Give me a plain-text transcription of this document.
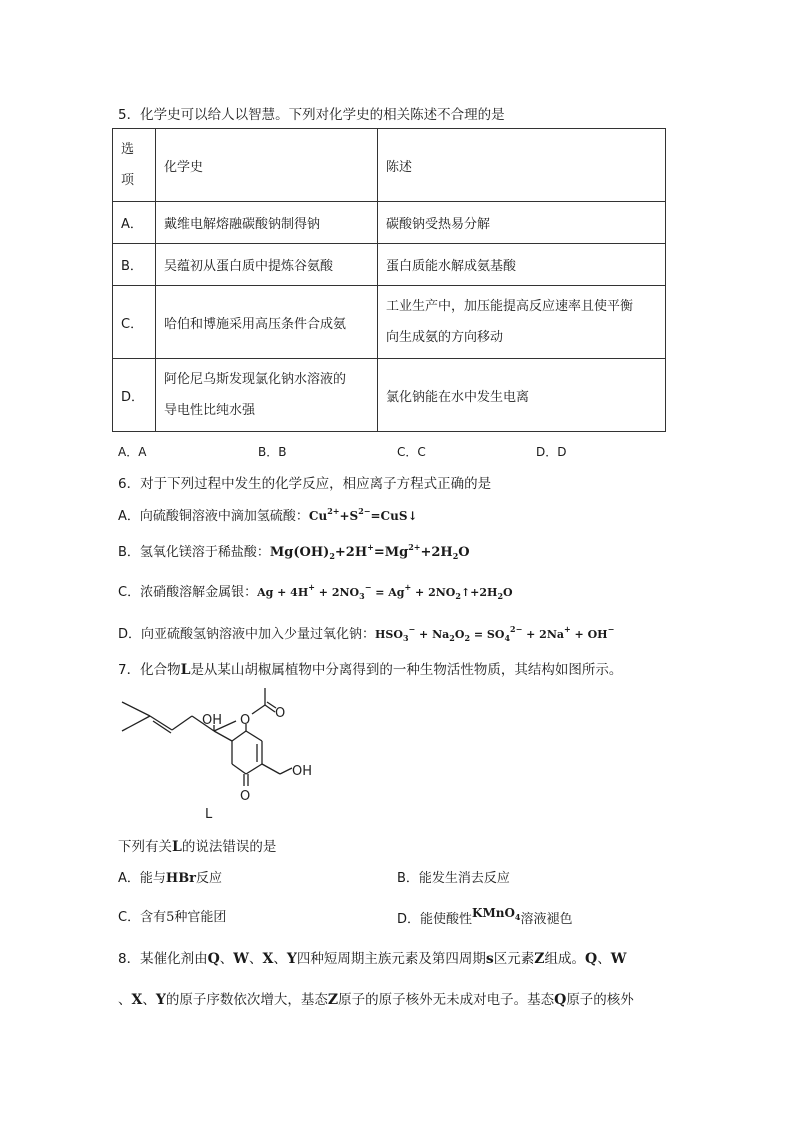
5．化学史可以给人以智慧。下列对化学史的相关陈述不合理的是
选
项	化学史	陈述
A．	戴维电解熔融碳酸钠制得钠	碳酸钠受热易分解
B．	吴蕴初从蛋白质中提炼谷氨酸	蛋白质能水解成氨基酸
C．	哈伯和博施采用高压条件合成氨	工业生产中，加压能提高反应速率且使平衡
向生成氨的方向移动

D．	阿伦尼乌斯发现氯化钠水溶液的
导电性比纯水强	氯化钠能在水中发生电离
A．A	B．B	C．C	D．D
6．对于下列过程中发生的化学反应，相应离子方程式正确的是
A．向硫酸铜溶液中滴加氢硫酸：$Cu^{2+}+S^{2-}=CuS↓$
B．氢氧化镁溶于稀盐酸：$Mg(OH)_2+2H^+=Mg^{2+}+2H_2O$
C．浓硝酸溶解金属银：$Ag + 4H^+ + 2NO_3^- = Ag^+$ + $2NO_2↑+2H_2O$
D．向亚硫酸氢钠溶液中加入少量过氧化钠：$HSO_3^- + Na_2O_2 = SO_4^{2-} + 2Na^+ + OH^-$
7．化合物L是从某山胡椒属植物中分离得到的一种生物活性物质，其结构如图所示。
OH O O
O
OH
L
下列有关L的说法错误的是
A．能与HBr反应	B．能发生消去反应
C．含有5种官能团	D．能使酸性KMnO$_4$溶液褪色
8．某催化剂由Q、W、X、Y四种短周期主族元素及第四周期s区元素Z组成。Q、W
、X、Y的原子序数依次增大，基态Z原子的原子核外无未成对电子。基态Q原子的核外
